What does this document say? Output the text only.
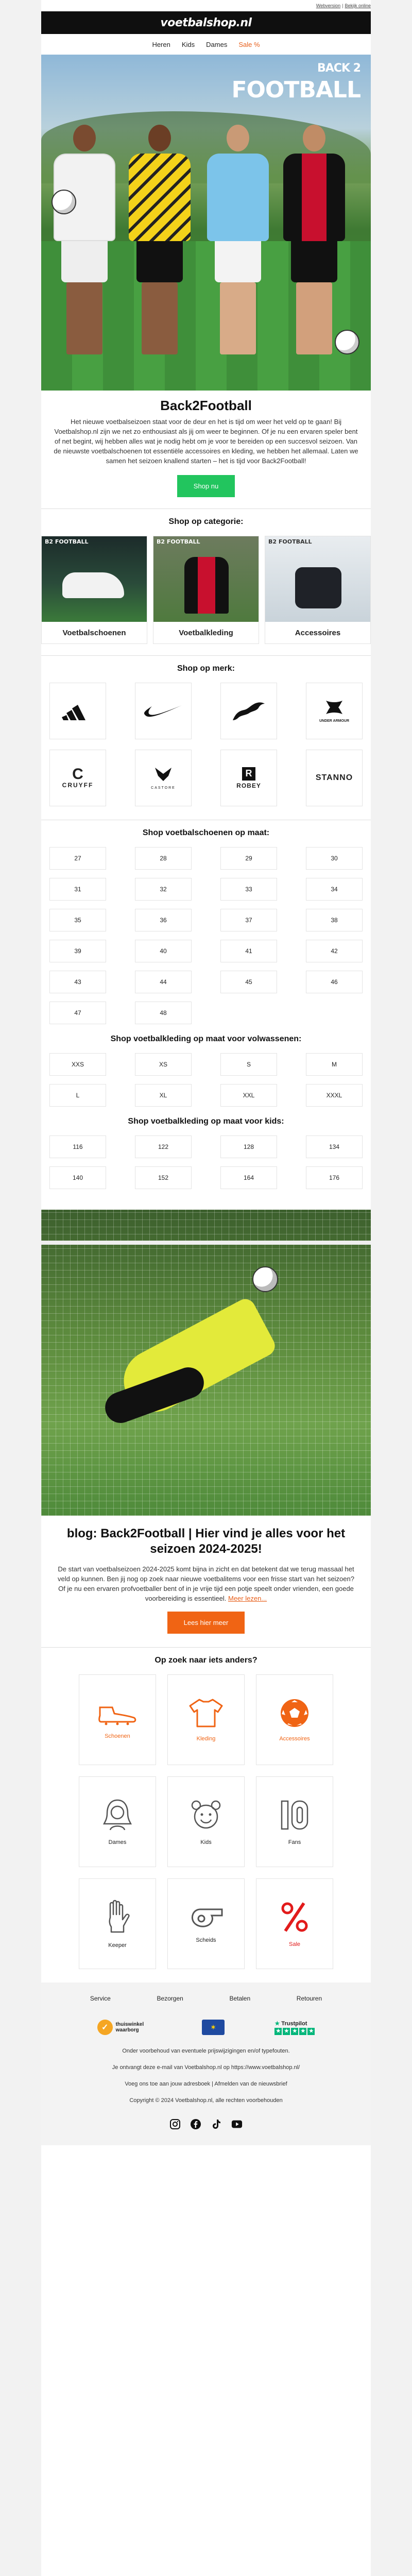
Webversion | Bekijk online
voetbalshop.nl
Heren Kids Dames Sale %
BACK 2
FOOTBALL
Back2Football

Het nieuwe voetbalseizoen staat voor de deur en het is tijd om weer het veld op te gaan! Bij Voetbalshop.nl zijn we net zo enthousiast als jij om weer te beginnen. Of je nu een ervaren speler bent of net begint, wij hebben alles wat je nodig hebt om je voor te bereiden op een succesvol seizoen. Van de nieuwste voetbalschoenen tot essentiële accessoires en kleding, we hebben het allemaal. Laten we samen het seizoen knallend starten – het is tijd voor Back2Football!

Shop nu
Shop op categorie:
B2 FOOTBALL
Voetbalschoenen
B2 FOOTBALL
Voetbalkleding
B2 FOOTBALL
Accessoires
Shop op merk:
UNDER ARMOUR
C
CRUYFF	CASTORE
R
ROBEY
STANNO
Shop voetbalschoenen op maat:
27	28	29	30
31	32	33	34
35	36	37	38
39	40	41	42
43	44	45	46
47	48
Shop voetbalkleding op maat voor volwassenen:
XXS	XS	S	M
L	XL	XXL	XXXL
Shop voetbalkleding op maat voor kids:
116	122	128	134
140	152	164	176
blog: Back2Football | Hier vind je alles voor het seizoen 2024-2025!

De start van voetbalseizoen 2024-2025 komt bijna in zicht en dat betekent dat we terug massaal het veld op kunnen. Ben jij nog op zoek naar nieuwe voetbalitems voor een frisse start van het seizoen? Of je nu een ervaren profvoetballer bent of in je vrije tijd een potje speelt onder vrienden, een goede voorbereiding is essentieel. Meer lezen...

Lees hier meer
Op zoek naar iets anders?
Schoenen	Kleding	Accessoires
Dames	Kids	Fans
Keeper
Scheids
Sale
Service	Bezorgen	Betalen	Retouren
✓	thuiswinkel waarborg	✶
★ Trustpilot
★ ★ ★ ★ ★

Onder voorbehoud van eventuele prijswijzigingen en/of typefouten.

Je ontvangt deze e-mail van Voetbalshop.nl op https://www.voetbalshop.nl/

Voeg ons toe aan jouw adresboek | Afmelden van de nieuwsbrief

Copyright © 2024 Voetbalshop.nl, alle rechten voorbehouden
